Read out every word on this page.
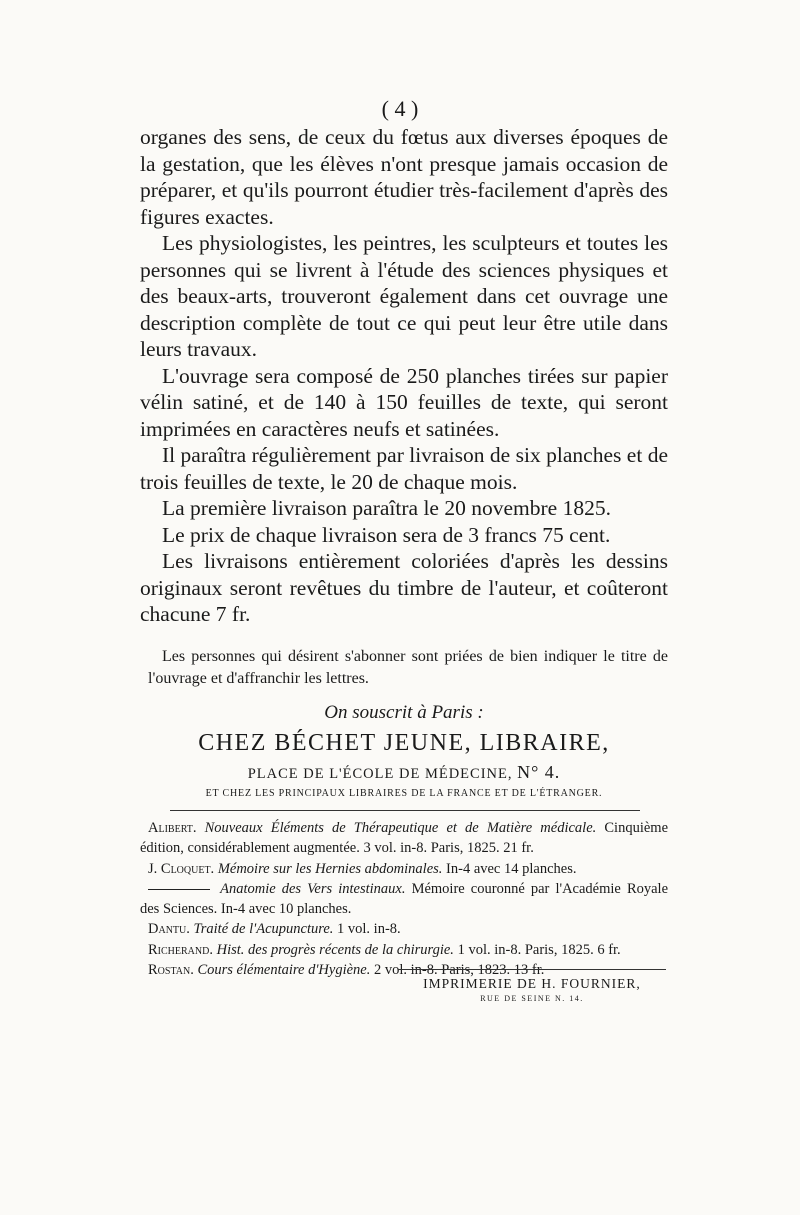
( 4 )

organes des sens, de ceux du fœtus aux diverses époques de la gestation, que les élèves n'ont presque jamais occasion de préparer, et qu'ils pourront étudier très-facilement d'après des figures exactes.

Les physiologistes, les peintres, les sculpteurs et toutes les personnes qui se livrent à l'étude des sciences physiques et des beaux-arts, trouveront également dans cet ouvrage une description complète de tout ce qui peut leur être utile dans leurs travaux.

L'ouvrage sera composé de 250 planches tirées sur papier vélin satiné, et de 140 à 150 feuilles de texte, qui seront imprimées en caractères neufs et satinées.

Il paraîtra régulièrement par livraison de six planches et de trois feuilles de texte, le 20 de chaque mois.

La première livraison paraîtra le 20 novembre 1825.

Le prix de chaque livraison sera de 3 francs 75 cent.

Les livraisons entièrement coloriées d'après les dessins originaux seront revêtues du timbre de l'auteur, et coûteront chacune 7 fr.

Les personnes qui désirent s'abonner sont priées de bien indiquer le titre de l'ouvrage et d'affranchir les lettres.

On souscrit à Paris :
CHEZ BÉCHET JEUNE, LIBRAIRE,
PLACE DE L'ÉCOLE DE MÉDECINE, N° 4.
ET CHEZ LES PRINCIPAUX LIBRAIRES DE LA FRANCE ET DE L'ÉTRANGER.

Alibert. Nouveaux Éléments de Thérapeutique et de Matière médicale. Cinquième édition, considérablement augmentée. 3 vol. in-8. Paris, 1825. 21 fr.

J. Cloquet. Mémoire sur les Hernies abdominales. In-4 avec 14 planches.

Anatomie des Vers intestinaux. Mémoire couronné par l'Académie Royale des Sciences. In-4 avec 10 planches.

Dantu. Traité de l'Acupuncture. 1 vol. in-8.

Richerand. Hist. des progrès récents de la chirurgie. 1 vol. in-8. Paris, 1825. 6 fr.

Rostan. Cours élémentaire d'Hygiène. 2 vol. in-8. Paris, 1823. 13 fr.

IMPRIMERIE DE H. FOURNIER,
RUE DE SEINE N. 14.
